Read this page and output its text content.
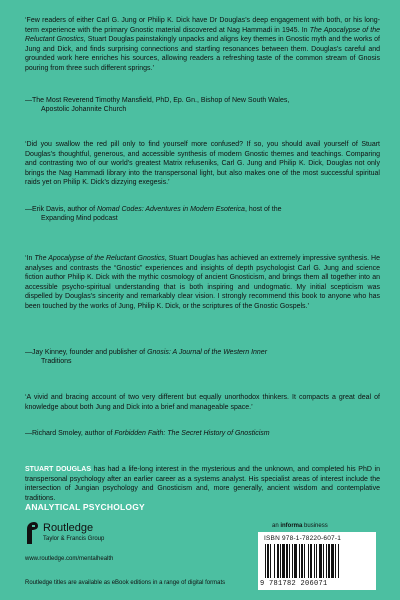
‘Few readers of either Carl G. Jung or Philip K. Dick have Dr Douglas’s deep engagement with both, or his long-term experience with the primary Gnostic material discovered at Nag Hammadi in 1945. In The Apocalypse of the Reluctant Gnostics, Stuart Douglas painstakingly unpacks and aligns key themes in Gnostic myth and the works of Jung and Dick, and finds surprising connections and startling resonances between them. Douglas’s careful and grounded work here enriches his sources, allowing readers a refreshing taste of the common stream of Gnosis pouring from three such different springs.’

—The Most Reverend Timothy Mansfield, PhD, Ep. Gn., Bishop of New South Wales,
Apostolic Johannite Church

‘Did you swallow the red pill only to find yourself more confused? If so, you should avail yourself of Stuart Douglas’s thoughtful, generous, and accessible synthesis of modern Gnostic themes and teachings. Comparing and contrasting two of our world’s greatest Matrix refuseniks, Carl G. Jung and Philip K. Dick, Douglas not only brings the Nag Hammadi library into the transpersonal light, but also makes one of the most successful spiritual raids yet on Philip K. Dick’s dizzying exegesis.’

—Erik Davis, author of Nomad Codes: Adventures in Modern Esoterica, host of the
Expanding Mind podcast

‘In The Apocalypse of the Reluctant Gnostics, Stuart Douglas has achieved an extremely impressive synthesis. He analyses and contrasts the “Gnostic” experiences and insights of depth psychologist Carl G. Jung and science fiction author Philip K. Dick with the mythic cosmology of ancient Gnosticism, and brings them all together into an accessible psycho-spiritual understanding that is both inspiring and undogmatic. My initial scepticism was dispelled by Douglas’s sincerity and remarkably clear vision. I strongly recommend this book to anyone who has been touched by the works of Jung, Philip K. Dick, or the scriptures of the Gnostic Gospels.’

—Jay Kinney, founder and publisher of Gnosis: A Journal of the Western Inner
Traditions

‘A vivid and bracing account of two very different but equally unorthodox thinkers. It compacts a great deal of knowledge about both Jung and Dick into a brief and manageable space.’

—Richard Smoley, author of Forbidden Faith: The Secret History of Gnosticism

STUART DOUGLAS has had a life-long interest in the mysterious and the unknown, and completed his PhD in transpersonal psychology after an earlier career as a systems analyst. His specialist areas of interest include the intersection of Jungian psychology and Gnosticism and, more generally, ancient wisdom and contemplative traditions.

ANALYTICAL PSYCHOLOGY

Routledge
Taylor & Francis Group

www.routledge.com/mentalhealth

Routledge titles are available as eBook editions in a range of digital formats

an informa business

ISBN 978-1-78220-607-1

9 781782 206071
